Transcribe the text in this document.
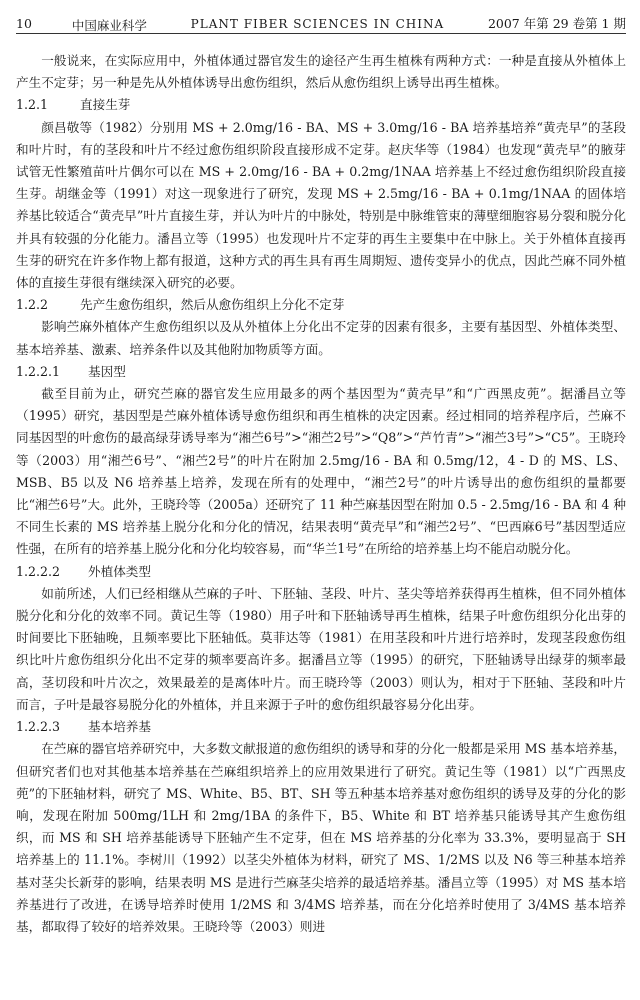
10	中国麻业科学	PLANT FIBER SCIENCES IN CHINA	2007 年第 29 卷第 1 期

一般说来，在实际应用中，外植体通过器官发生的途径产生再生植株有两种方式：一种是直接从外植体上产生不定芽；另一种是先从外植体诱导出愈伤组织，然后从愈伤组织上诱导出再生植株。

1.2.1	直接生芽

颜昌敬等（1982）分别用 MS + 2.0mg/16 - BA、MS + 3.0mg/16 - BA 培养基培养“黄壳早”的茎段和叶片时，有的茎段和叶片不经过愈伤组织阶段直接形成不定芽。赵庆华等（1984）也发现“黄壳早”的腋芽试管无性繁殖苗叶片偶尔可以在 MS + 2.0mg/16 - BA + 0.2mg/1NAA 培养基上不经过愈伤组织阶段直接生芽。胡继金等（1991）对这一现象进行了研究，发现 MS + 2.5mg/16 - BA + 0.1mg/1NAA 的固体培养基比较适合“黄壳早”叶片直接生芽，并认为叶片的中脉处，特别是中脉维管束的薄壁细胞容易分裂和脱分化并具有较强的分化能力。潘昌立等（1995）也发现叶片不定芽的再生主要集中在中脉上。关于外植体直接再生芽的研究在许多作物上都有报道，这种方式的再生具有再生周期短、遗传变异小的优点，因此苎麻不同外植体的直接生芽很有继续深入研究的必要。

1.2.2	先产生愈伤组织，然后从愈伤组织上分化不定芽

影响苎麻外植体产生愈伤组织以及从外植体上分化出不定芽的因素有很多，主要有基因型、外植体类型、基本培养基、激素、培养条件以及其他附加物质等方面。

1.2.2.1 基因型

截至目前为止，研究苎麻的器官发生应用最多的两个基因型为“黄壳早”和“广西黑皮蔸”。据潘昌立等（1995）研究，基因型是苎麻外植体诱导愈伤组织和再生植株的决定因素。经过相同的培养程序后，苎麻不同基因型的叶愈伤的最高绿芽诱导率为“湘苎6号”>“湘苎2号”>“Q8”>“芦竹青”>“湘苎3号”>“C5”。王晓玲等（2003）用“湘苎6号”、“湘苎2号”的叶片在附加 2.5mg/16 - BA 和 0.5mg/12，4 - D 的 MS、LS、MSB、B5 以及 N6 培养基上培养，发现在所有的处理中，“湘苎2号”的叶片诱导出的愈伤组织的量都要比“湘苎6号”大。此外，王晓玲等（2005a）还研究了 11 种苎麻基因型在附加 0.5 - 2.5mg/16 - BA 和 4 种不同生长素的 MS 培养基上脱分化和分化的情况，结果表明“黄壳早”和“湘苎2号”、“巴西麻6号”基因型适应性强，在所有的培养基上脱分化和分化均较容易，而“华兰1号”在所给的培养基上均不能启动脱分化。

1.2.2.2 外植体类型

如前所述，人们已经相继从苎麻的子叶、下胚轴、茎段、叶片、茎尖等培养获得再生植株，但不同外植体脱分化和分化的效率不同。黄记生等（1980）用子叶和下胚轴诱导再生植株，结果子叶愈伤组织分化出芽的时间要比下胚轴晚，且频率要比下胚轴低。莫菲达等（1981）在用茎段和叶片进行培养时，发现茎段愈伤组织比叶片愈伤组织分化出不定芽的频率要高许多。据潘昌立等（1995）的研究，下胚轴诱导出绿芽的频率最高，茎切段和叶片次之，效果最差的是离体叶片。而王晓玲等（2003）则认为，相对于下胚轴、茎段和叶片而言，子叶是最容易脱分化的外植体，并且来源于子叶的愈伤组织最容易分化出芽。

1.2.2.3 基本培养基

在苎麻的器官培养研究中，大多数文献报道的愈伤组织的诱导和芽的分化一般都是采用 MS 基本培养基，但研究者们也对其他基本培养基在苎麻组织培养上的应用效果进行了研究。黄记生等（1981）以“广西黑皮蔸”的下胚轴材料，研究了 MS、White、B5、BT、SH 等五种基本培养基对愈伤组织的诱导及芽的分化的影响，发现在附加 500mg/1LH 和 2mg/1BA 的条件下，B5、White 和 BT 培养基只能诱导其产生愈伤组织，而 MS 和 SH 培养基能诱导下胚轴产生不定芽，但在 MS 培养基的分化率为 33.3%，要明显高于 SH 培养基上的 11.1%。李树川（1992）以茎尖外植体为材料，研究了 MS、1/2MS 以及 N6 等三种基本培养基对茎尖长新芽的影响，结果表明 MS 是进行苎麻茎尖培养的最适培养基。潘昌立等（1995）对 MS 基本培养基进行了改进，在诱导培养时使用 1/2MS 和 3/4MS 培养基，而在分化培养时使用了 3/4MS 基本培养基，都取得了较好的培养效果。王晓玲等（2003）则进
